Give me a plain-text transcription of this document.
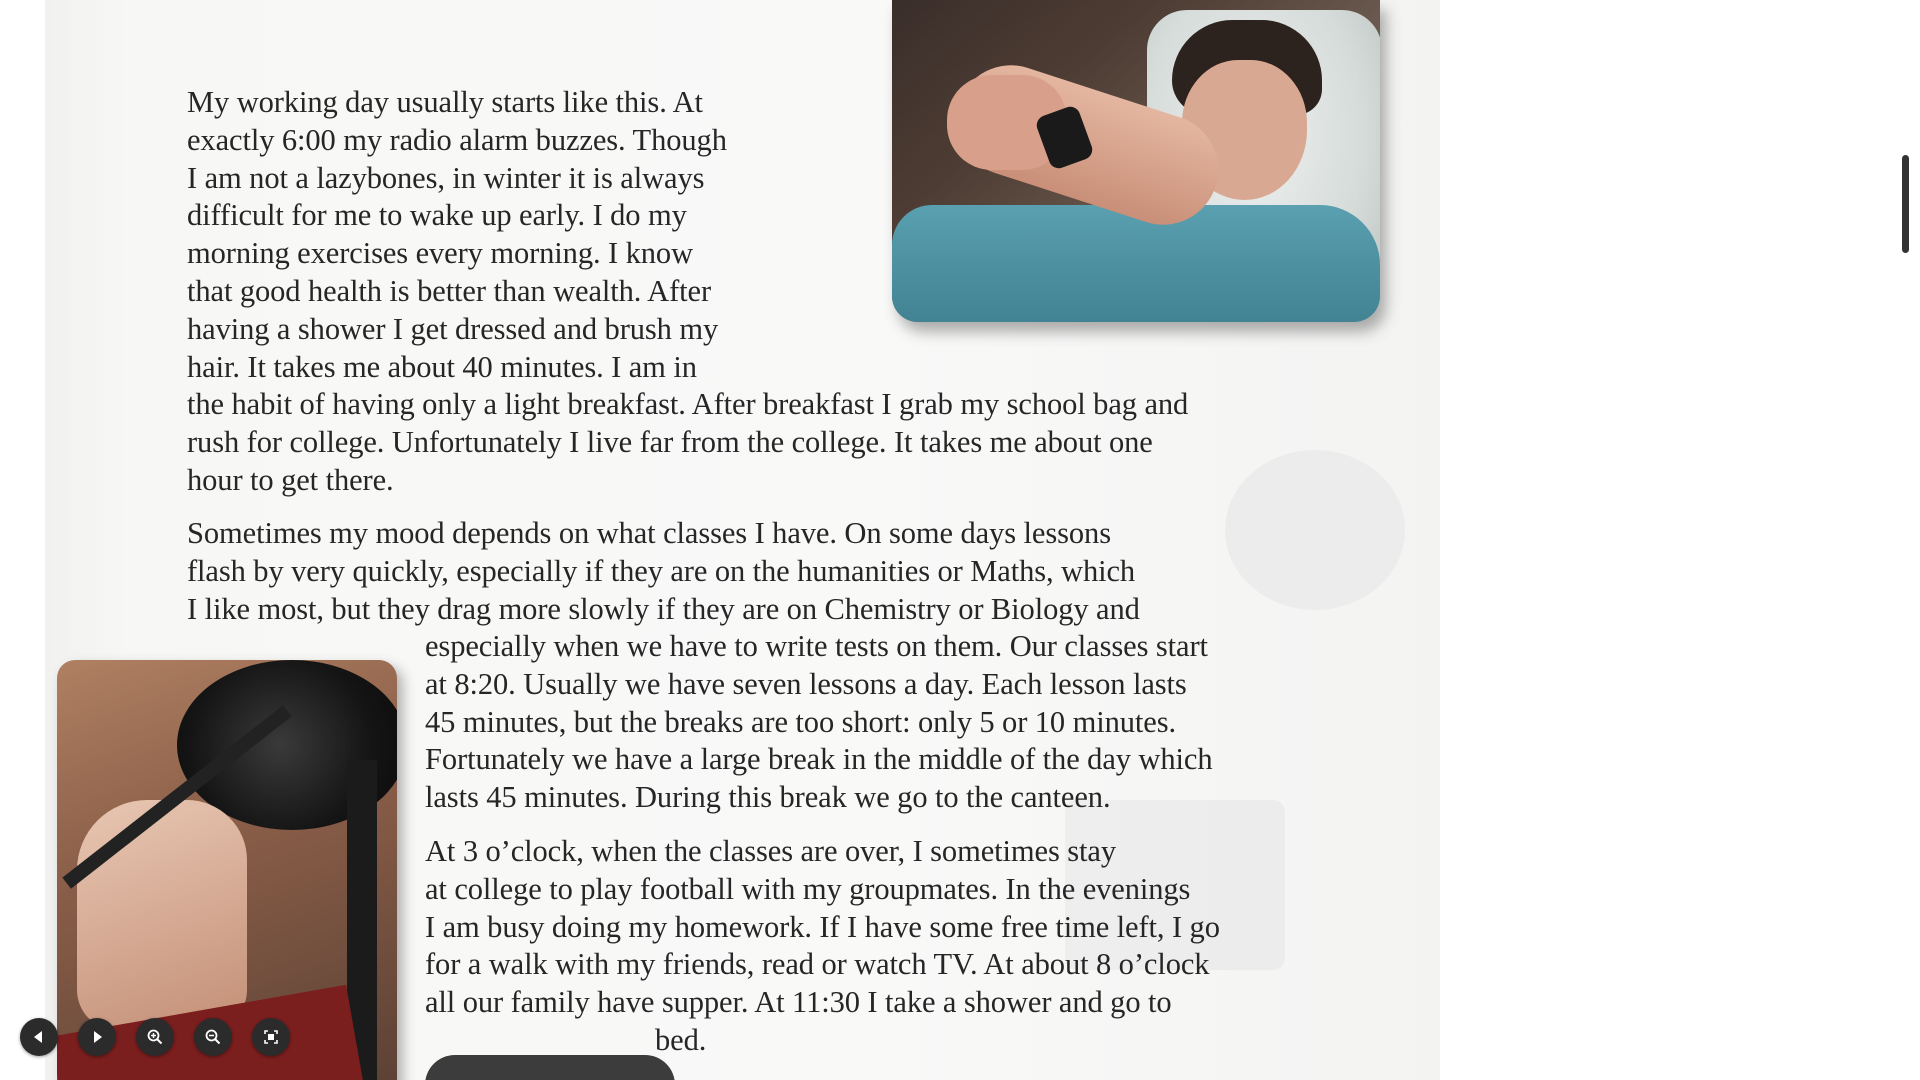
My working day usually starts like this. At
exactly 6:00 my radio alarm buzzes. Though
I am not a lazybones, in winter it is always
difficult for me to wake up early. I do my
morning exercises every morning. I know
that good health is better than wealth. After
having a shower I get dressed and brush my
hair. It takes me about 40 minutes. I am in
the habit of having only a light breakfast. After breakfast I grab my school bag and
rush for college. Unfortunately I live far from the college. It takes me about one
hour to get there.

Sometimes my mood depends on what classes I have. On some days lessons
flash by very quickly, especially if they are on the humanities or Maths, which
I like most, but they drag more slowly if they are on Chemistry or Biology and

especially when we have to write tests on them. Our classes start
at 8:20. Usually we have seven lessons a day. Each lesson lasts
45 minutes, but the breaks are too short: only 5 or 10 minutes.
Fortunately we have a large break in the middle of the day which
lasts 45 minutes. During this break we go to the canteen.

At 3 o’clock, when the classes are over, I sometimes stay
at college to play football with my groupmates. In the evenings
I am busy doing my homework. If I have some free time left, I go
for a walk with my friends, read or watch TV. At about 8 o’clock
all our family have supper. At 11:30 I take a shower and go to
bed.
